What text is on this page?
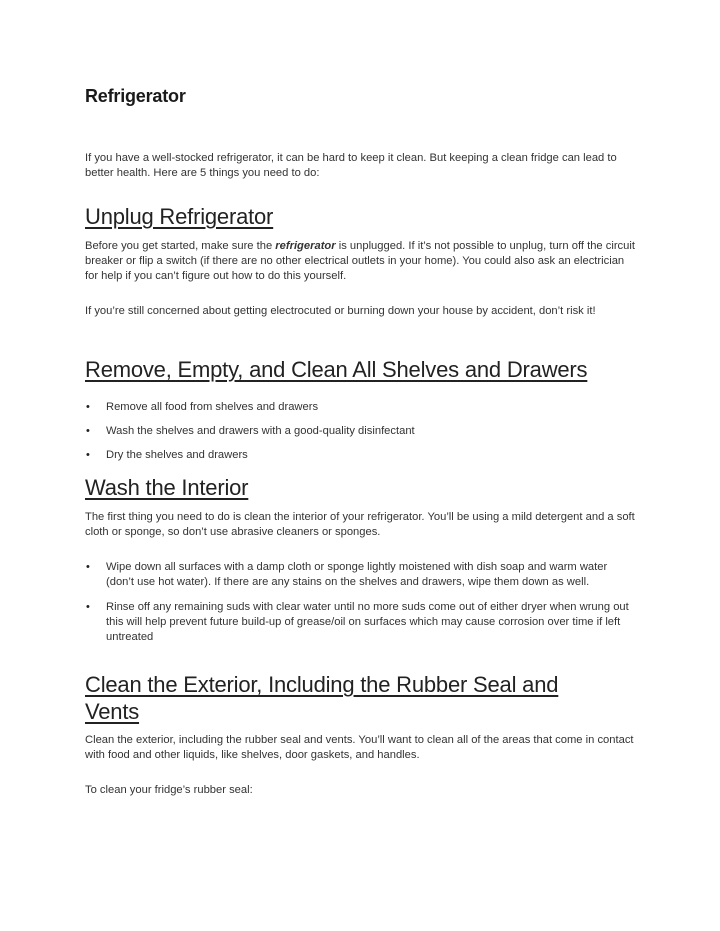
Refrigerator

If you have a well-stocked refrigerator, it can be hard to keep it clean. But keeping a clean fridge can lead to better health. Here are 5 things you need to do:

Unplug Refrigerator

Before you get started, make sure the refrigerator is unplugged. If it’s not possible to unplug, turn off the circuit breaker or flip a switch (if there are no other electrical outlets in your home). You could also ask an electrician for help if you can’t figure out how to do this yourself.

If you’re still concerned about getting electrocuted or burning down your house by accident, don’t risk it!

Remove, Empty, and Clean All Shelves and Drawers
• Remove all food from shelves and drawers
• Wash the shelves and drawers with a good-quality disinfectant
• Dry the shelves and drawers
Wash the Interior

The first thing you need to do is clean the interior of your refrigerator. You’ll be using a mild detergent and a soft cloth or sponge, so don’t use abrasive cleaners or sponges.

• Wipe down all surfaces with a damp cloth or sponge lightly moistened with dish soap and warm water (don’t use hot water). If there are any stains on the shelves and drawers, wipe them down as well.
• Rinse off any remaining suds with clear water until no more suds come out of either dryer when wrung out this will help prevent future build-up of grease/oil on surfaces which may cause corrosion over time if left untreated
Clean the Exterior, Including the Rubber Seal and Vents

Clean the exterior, including the rubber seal and vents. You’ll want to clean all of the areas that come in contact with food and other liquids, like shelves, door gaskets, and handles.

To clean your fridge’s rubber seal:
